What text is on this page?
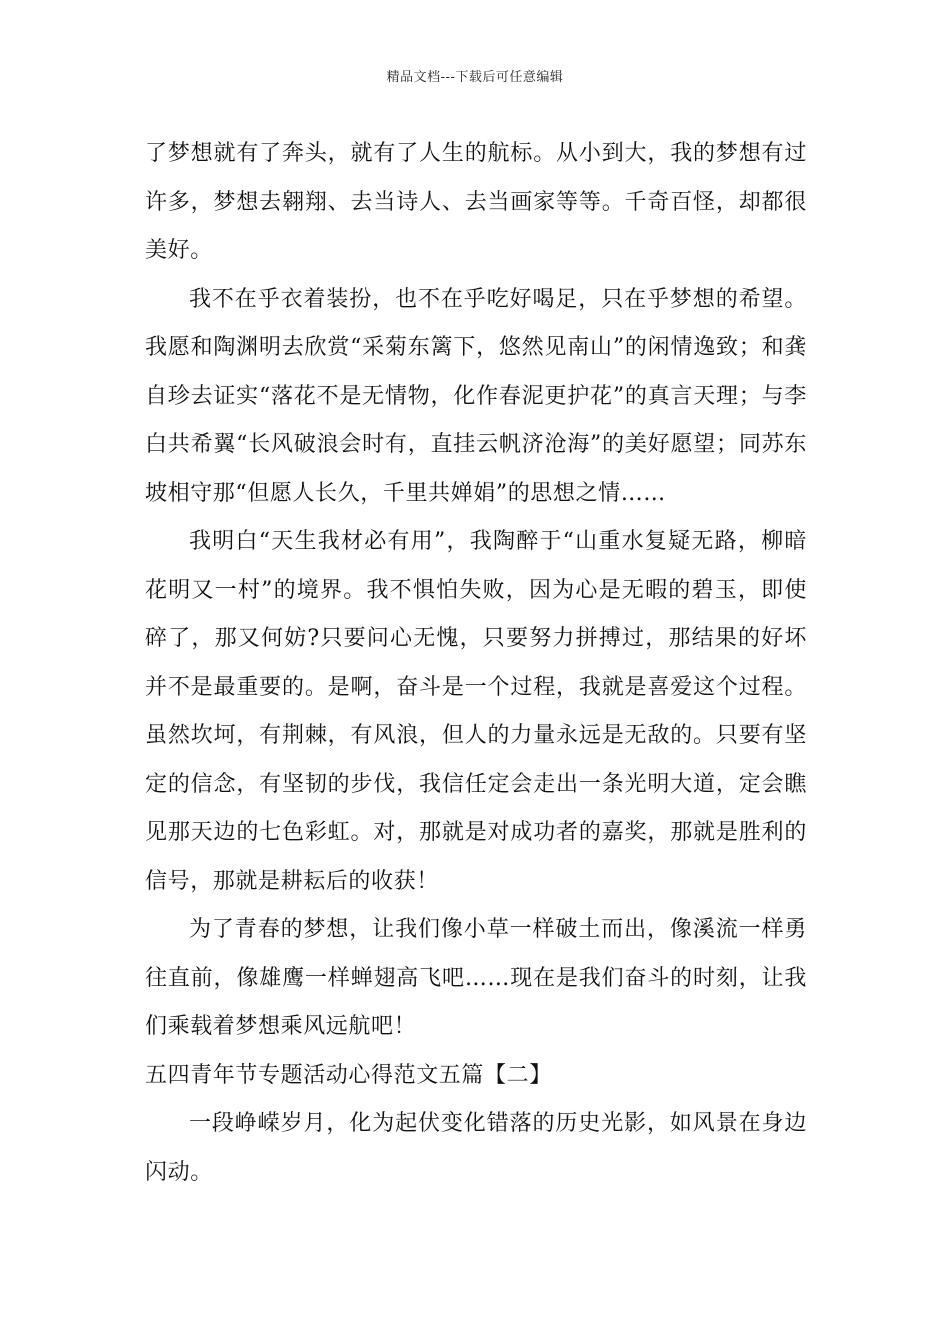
精品文档---下载后可任意编辑

了梦想就有了奔头，就有了人生的航标。从小到大，我的梦想有过许多，梦想去翱翔、去当诗人、去当画家等等。千奇百怪，却都很美好。

我不在乎衣着装扮，也不在乎吃好喝足，只在乎梦想的希望。我愿和陶渊明去欣赏“采菊东篱下，悠然见南山”的闲情逸致；和龚自珍去证实“落花不是无情物，化作春泥更护花”的真言天理；与李白共希翼“长风破浪会时有，直挂云帆济沧海”的美好愿望；同苏东坡相守那“但愿人长久，千里共婵娟”的思想之情……

我明白“天生我材必有用”，我陶醉于“山重水复疑无路，柳暗花明又一村”的境界。我不惧怕失败，因为心是无暇的碧玉，即使碎了，那又何妨?只要问心无愧，只要努力拼搏过，那结果的好坏并不是最重要的。是啊，奋斗是一个过程，我就是喜爱这个过程。虽然坎坷，有荆棘，有风浪，但人的力量永远是无敌的。只要有坚定的信念，有坚韧的步伐，我信任定会走出一条光明大道，定会瞧见那天边的七色彩虹。对，那就是对成功者的嘉奖，那就是胜利的信号，那就是耕耘后的收获！

为了青春的梦想，让我们像小草一样破土而出，像溪流一样勇往直前，像雄鹰一样蝉翅高飞吧……现在是我们奋斗的时刻，让我们乘载着梦想乘风远航吧！

五四青年节专题活动心得范文五篇【二】

一段峥嵘岁月，化为起伏变化错落的历史光影，如风景在身边闪动。
